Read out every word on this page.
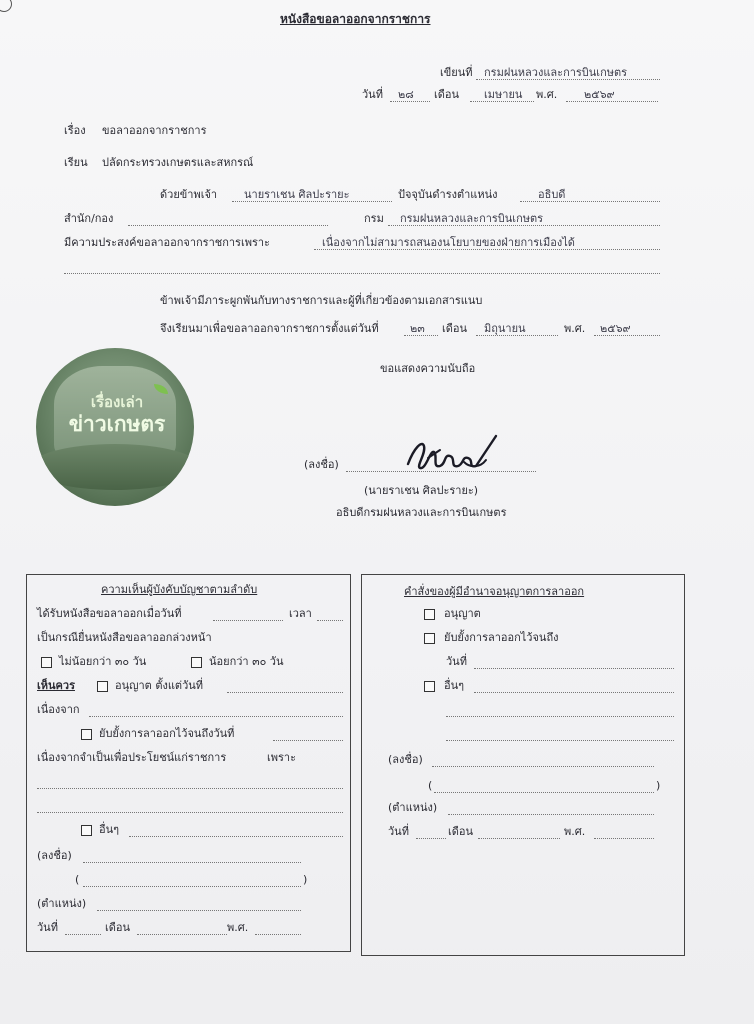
หนังสือขอลาออกจากราชการ
เขียนที่ กรมฝนหลวงและการบินเกษตร
วันที่ ๒๘ เดือน เมษายน พ.ศ. ๒๕๖๙
เรื่อง ขอลาออกจากราชการ
เรียน ปลัดกระทรวงเกษตรและสหกรณ์
ด้วยข้าพเจ้า นายราเชน ศิลปะรายะ	ปัจจุบันดำรงตำแหน่ง	อธิบดี
สำนัก/กอง	กรม กรมฝนหลวงและการบินเกษตร
มีความประสงค์ขอลาออกจากราชการเพราะ	เนื่องจากไม่สามารถสนองนโยบายของฝ่ายการเมืองได้
ข้าพเจ้ามีภาระผูกพันกับทางราชการและผู้ที่เกี่ยวข้องตามเอกสารแนบ
จึงเรียนมาเพื่อขอลาออกจากราชการตั้งแต่วันที่	๒๓ เดือน มิถุนายน	พ.ศ. ๒๕๖๙
ขอแสดงความนับถือ
เรื่องเล่า
ข่าวเกษตร
(ลงชื่อ)
(นายราเชน ศิลปะรายะ)
อธิบดีกรมฝนหลวงและการบินเกษตร
ความเห็นผู้บังคับบัญชาตามลำดับ
ได้รับหนังสือขอลาออกเมื่อวันที่	เวลา
เป็นกรณียื่นหนังสือขอลาออกล่วงหน้า
ไม่น้อยกว่า ๓๐ วัน	น้อยกว่า ๓๐ วัน
เห็นควร	อนุญาต ตั้งแต่วันที่
เนื่องจาก
ยับยั้งการลาออกไว้จนถึงวันที่
เนื่องจากจำเป็นเพื่อประโยชน์แก่ราชการ	เพราะ
อื่นๆ
(ลงชื่อ)
(	)
(ตำแหน่ง)
วันที่	เดือน	พ.ศ.
คำสั่งของผู้มีอำนาจอนุญาตการลาออก
อนุญาต
ยับยั้งการลาออกไว้จนถึง
วันที่
อื่นๆ
(ลงชื่อ)
(	)
(ตำแหน่ง)
วันที่	เดือน	พ.ศ.
